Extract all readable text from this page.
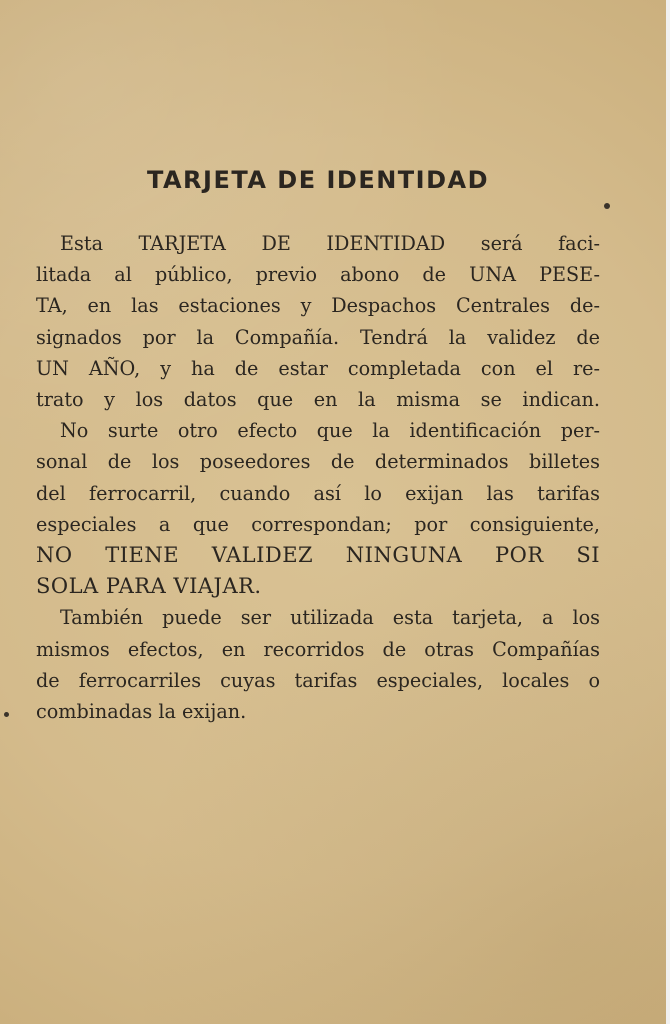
TARJETA DE IDENTIDAD
Esta TARJETA DE IDENTIDAD será faci-
litada al público, previo abono de UNA PESE-
TA, en las estaciones y Despachos Centrales de-
signados por la Compañía. Tendrá la validez de
UN AÑO, y ha de estar completada con el re-
trato y los datos que en la misma se indican.
No surte otro efecto que la identificación per-
sonal de los poseedores de determinados billetes
del ferrocarril, cuando así lo exijan las tarifas
especiales a que correspondan; por consiguiente,
NO TIENE VALIDEZ NINGUNA POR SI
SOLA PARA VIAJAR.
También puede ser utilizada esta tarjeta, a los
mismos efectos, en recorridos de otras Compañías
de ferrocarriles cuyas tarifas especiales, locales o
combinadas la exijan.
